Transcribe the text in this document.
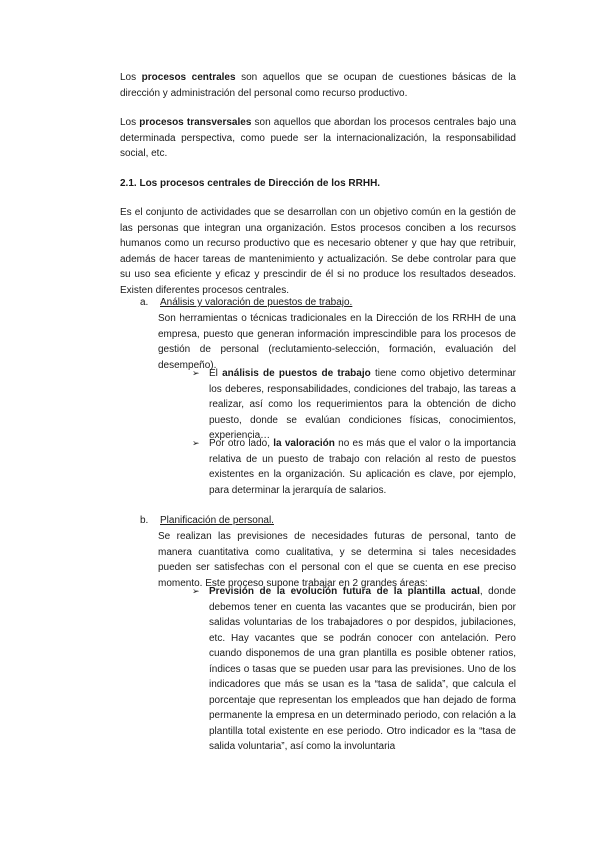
Los procesos centrales son aquellos que se ocupan de cuestiones básicas de la dirección y administración del personal como recurso productivo.

Los procesos transversales son aquellos que abordan los procesos centrales bajo una determinada perspectiva, como puede ser la internacionalización, la responsabilidad social, etc.

2.1. Los procesos centrales de Dirección de los RRHH.

Es el conjunto de actividades que se desarrollan con un objetivo común en la gestión de las personas que integran una organización. Estos procesos conciben a los recursos humanos como un recurso productivo que es necesario obtener y que hay que retribuir, además de hacer tareas de mantenimiento y actualización. Se debe controlar para que su uso sea eficiente y eficaz y prescindir de él si no produce los resultados deseados. Existen diferentes procesos centrales.

a. Análisis y valoración de puestos de trabajo.

Son herramientas o técnicas tradicionales en la Dirección de los RRHH de una empresa, puesto que generan información imprescindible para los procesos de gestión de personal (reclutamiento-selección, formación, evaluación del desempeño).

➢ El análisis de puestos de trabajo tiene como objetivo determinar los deberes, responsabilidades, condiciones del trabajo, las tareas a realizar, así como los requerimientos para la obtención de dicho puesto, donde se evalúan condiciones físicas, conocimientos, experiencia…

➢ Por otro lado, la valoración no es más que el valor o la importancia relativa de un puesto de trabajo con relación al resto de puestos existentes en la organización. Su aplicación es clave, por ejemplo, para determinar la jerarquía de salarios.

b. Planificación de personal.

Se realizan las previsiones de necesidades futuras de personal, tanto de manera cuantitativa como cualitativa, y se determina si tales necesidades pueden ser satisfechas con el personal con el que se cuenta en ese preciso momento. Este proceso supone trabajar en 2 grandes áreas:

➢ Previsión de la evolución futura de la plantilla actual, donde debemos tener en cuenta las vacantes que se producirán, bien por salidas voluntarias de los trabajadores o por despidos, jubilaciones, etc. Hay vacantes que se podrán conocer con antelación. Pero cuando disponemos de una gran plantilla es posible obtener ratios, índices o tasas que se pueden usar para las previsiones. Uno de los indicadores que más se usan es la “tasa de salida”, que calcula el porcentaje que representan los empleados que han dejado de forma permanente la empresa en un determinado periodo, con relación a la plantilla total existente en ese periodo. Otro indicador es la “tasa de salida voluntaria”, así como la involuntaria
